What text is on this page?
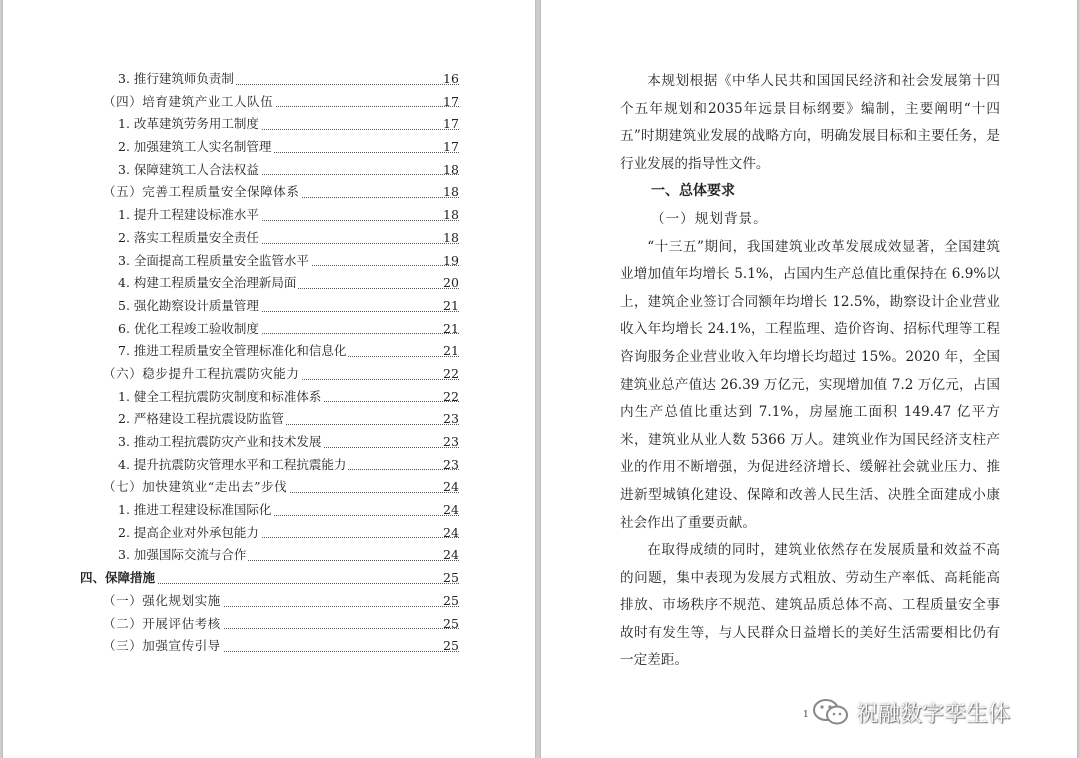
3. 推行建筑师负责制	16
（四）培育建筑产业工人队伍	17
1. 改革建筑劳务用工制度	17
2. 加强建筑工人实名制管理	17
3. 保障建筑工人合法权益	18
（五）完善工程质量安全保障体系	18
1. 提升工程建设标准水平	18
2. 落实工程质量安全责任	18
3. 全面提高工程质量安全监管水平	19
4. 构建工程质量安全治理新局面	20
5. 强化勘察设计质量管理	21
6. 优化工程竣工验收制度	21
7. 推进工程质量安全管理标准化和信息化	21
（六）稳步提升工程抗震防灾能力	22
1. 健全工程抗震防灾制度和标准体系	22
2. 严格建设工程抗震设防监管	23
3. 推动工程抗震防灾产业和技术发展	23
4. 提升抗震防灾管理水平和工程抗震能力	23
（七）加快建筑业“走出去”步伐	24
1. 推进工程建设标准国际化	24
2. 提高企业对外承包能力	24
3. 加强国际交流与合作	24
四、保障措施	25
（一）强化规划实施	25
（二）开展评估考核	25
（三）加强宣传引导	25

本规划根据《中华人民共和国国民经济和社会发展第十四个五年规划和2035年远景目标纲要》编制，主要阐明“十四五”时期建筑业发展的战略方向，明确发展目标和主要任务，是行业发展的指导性文件。

一、总体要求

（一）规划背景。

“十三五”期间，我国建筑业改革发展成效显著，全国建筑业增加值年均增长 5.1%，占国内生产总值比重保持在 6.9%以上，建筑企业签订合同额年均增长 12.5%，勘察设计企业营业收入年均增长 24.1%，工程监理、造价咨询、招标代理等工程咨询服务企业营业收入年均增长均超过 15%。2020 年，全国建筑业总产值达 26.39 万亿元，实现增加值 7.2 万亿元，占国内生产总值比重达到 7.1%，房屋施工面积 149.47 亿平方米，建筑业从业人数 5366 万人。建筑业作为国民经济支柱产业的作用不断增强，为促进经济增长、缓解社会就业压力、推进新型城镇化建设、保障和改善人民生活、决胜全面建成小康社会作出了重要贡献。

在取得成绩的同时，建筑业依然存在发展质量和效益不高的问题，集中表现为发展方式粗放、劳动生产率低、高耗能高排放、市场秩序不规范、建筑品质总体不高、工程质量安全事故时有发生等，与人民群众日益增长的美好生活需要相比仍有一定差距。

1 祝融数字孪生体
